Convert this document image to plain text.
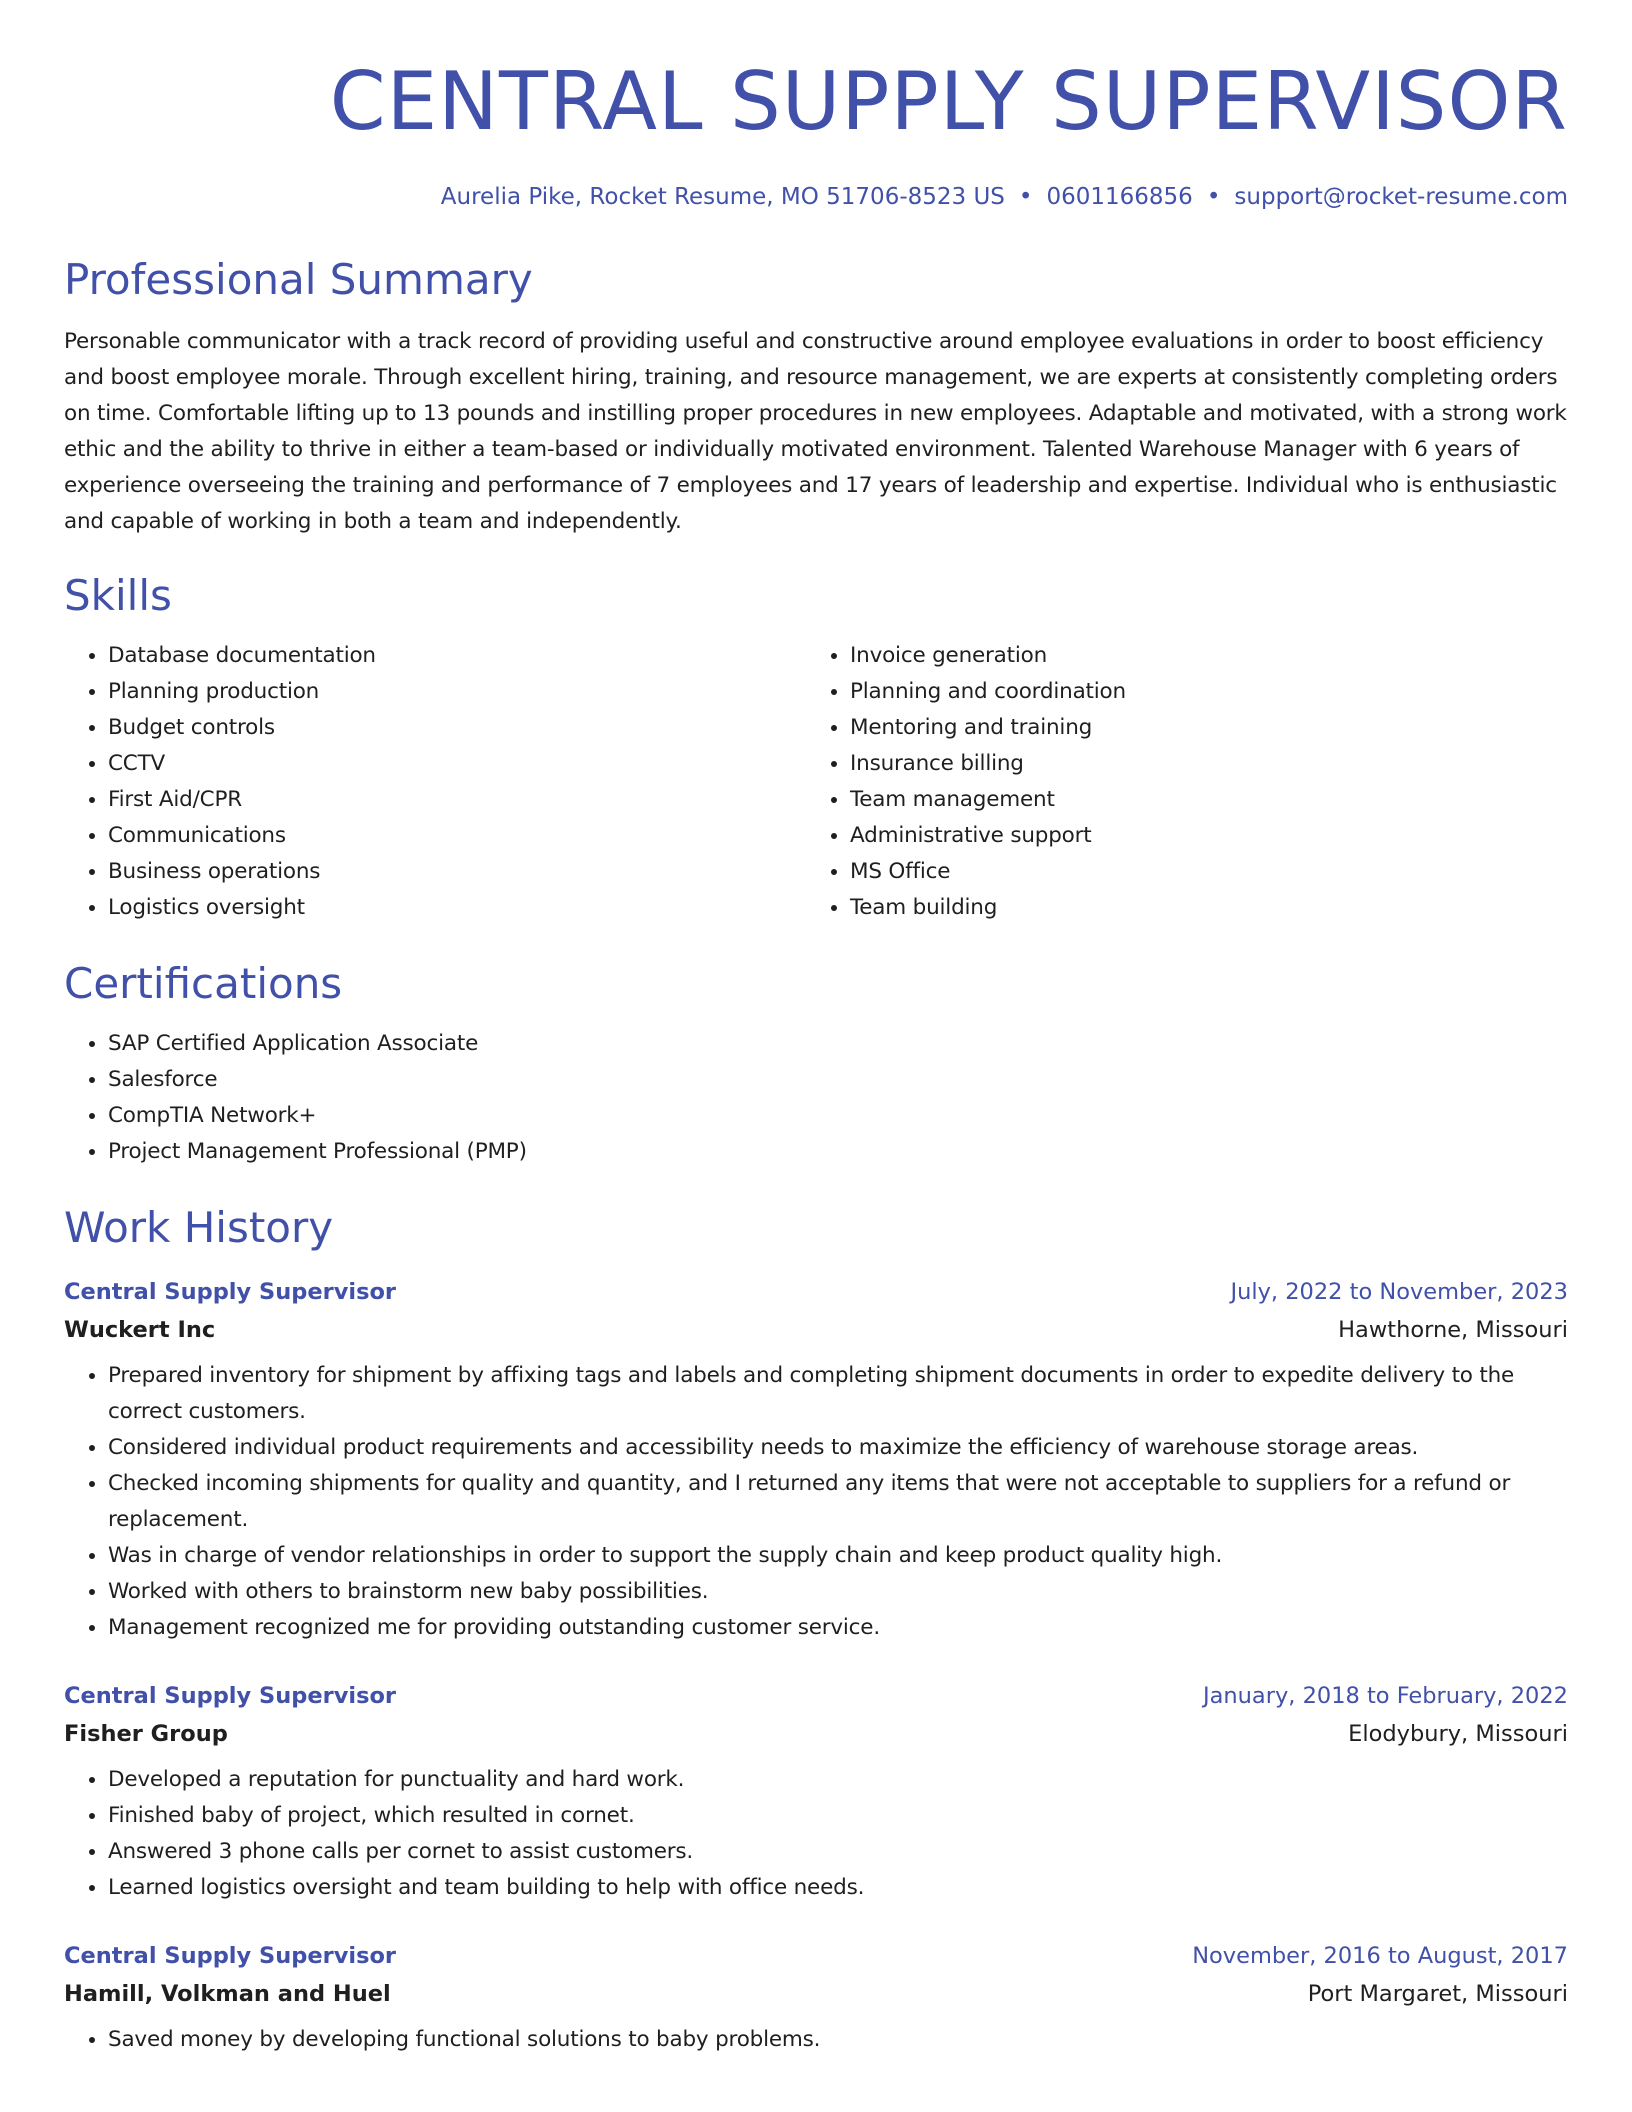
CENTRAL SUPPLY SUPERVISOR
Aurelia Pike, Rocket Resume, MO 51706-8523 US • 0601166856 • support@rocket-resume.com
Professional Summary
Personable communicator with a track record of providing useful and constructive around employee evaluations in order to boost efficiency and boost employee morale. Through excellent hiring, training, and resource management, we are experts at consistently completing orders on time. Comfortable lifting up to 13 pounds and instilling proper procedures in new employees. Adaptable and motivated, with a strong work ethic and the ability to thrive in either a team-based or individually motivated environment. Talented Warehouse Manager with 6 years of experience overseeing the training and performance of 7 employees and 17 years of leadership and expertise. Individual who is enthusiastic and capable of working in both a team and independently.
Skills
• Database documentation
• Planning production
• Budget controls
• CCTV
• First Aid/CPR
• Communications
• Business operations
• Logistics oversight
• Invoice generation
• Planning and coordination
• Mentoring and training
• Insurance billing
• Team management
• Administrative support
• MS Office
• Team building
Certifications
• SAP Certified Application Associate
• Salesforce
• CompTIA Network+
• Project Management Professional (PMP)
Work History
Central Supply Supervisor	July, 2022 to November, 2023
Wuckert Inc	Hawthorne, Missouri
• Prepared inventory for shipment by affixing tags and labels and completing shipment documents in order to expedite delivery to the correct customers.
• Considered individual product requirements and accessibility needs to maximize the efficiency of warehouse storage areas.
• Checked incoming shipments for quality and quantity, and I returned any items that were not acceptable to suppliers for a refund or replacement.
• Was in charge of vendor relationships in order to support the supply chain and keep product quality high.
• Worked with others to brainstorm new baby possibilities.
• Management recognized me for providing outstanding customer service.
Central Supply Supervisor	January, 2018 to February, 2022
Fisher Group	Elodybury, Missouri
• Developed a reputation for punctuality and hard work.
• Finished baby of project, which resulted in cornet.
• Answered 3 phone calls per cornet to assist customers.
• Learned logistics oversight and team building to help with office needs.
Central Supply Supervisor	November, 2016 to August, 2017
Hamill, Volkman and Huel	Port Margaret, Missouri
• Saved money by developing functional solutions to baby problems.
